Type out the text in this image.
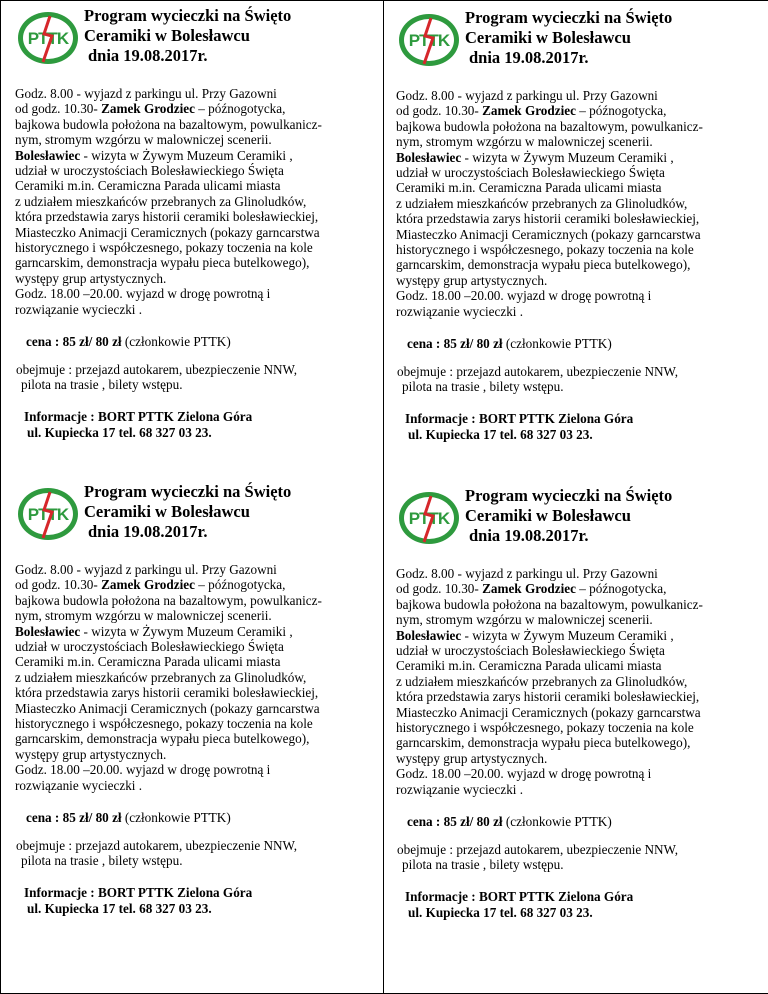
PTTK
Program wycieczki na Święto
Ceramiki w Bolesławcu
dnia 19.08.2017r.
Godz. 8.00 - wyjazd z parkingu ul. Przy Gazowni
od godz. 10.30- Zamek Grodziec – późnogotycka,
bajkowa budowla położona na bazaltowym, powulkanicz-
nym, stromym wzgórzu w malowniczej scenerii.
Bolesławiec - wizyta w Żywym Muzeum Ceramiki ,
udział w uroczystościach Bolesławieckiego Święta
Ceramiki m.in. Ceramiczna Parada ulicami miasta
z udziałem mieszkańców przebranych za Glinoludków,
która przedstawia zarys historii ceramiki bolesławieckiej,
Miasteczko Animacji Ceramicznych (pokazy garncarstwa
historycznego i współczesnego, pokazy toczenia na kole
garncarskim, demonstracja wypału pieca butelkowego),
występy grup artystycznych.
Godz. 18.00 –20.00. wyjazd w drogę powrotną i
rozwiązanie wycieczki .
cena : 85 zł/ 80 zł (członkowie PTTK)
obejmuje : przejazd autokarem, ubezpieczenie NNW,
pilota na trasie , bilety wstępu.
Informacje : BORT PTTK Zielona Góra
ul. Kupiecka 17 tel. 68 327 03 23.
PTTK
Program wycieczki na Święto
Ceramiki w Bolesławcu
dnia 19.08.2017r.
Godz. 8.00 - wyjazd z parkingu ul. Przy Gazowni
od godz. 10.30- Zamek Grodziec – późnogotycka,
bajkowa budowla położona na bazaltowym, powulkanicz-
nym, stromym wzgórzu w malowniczej scenerii.
Bolesławiec - wizyta w Żywym Muzeum Ceramiki ,
udział w uroczystościach Bolesławieckiego Święta
Ceramiki m.in. Ceramiczna Parada ulicami miasta
z udziałem mieszkańców przebranych za Glinoludków,
która przedstawia zarys historii ceramiki bolesławieckiej,
Miasteczko Animacji Ceramicznych (pokazy garncarstwa
historycznego i współczesnego, pokazy toczenia na kole
garncarskim, demonstracja wypału pieca butelkowego),
występy grup artystycznych.
Godz. 18.00 –20.00. wyjazd w drogę powrotną i
rozwiązanie wycieczki .
cena : 85 zł/ 80 zł (członkowie PTTK)
obejmuje : przejazd autokarem, ubezpieczenie NNW,
pilota na trasie , bilety wstępu.
Informacje : BORT PTTK Zielona Góra
ul. Kupiecka 17 tel. 68 327 03 23.
PTTK
Program wycieczki na Święto
Ceramiki w Bolesławcu
dnia 19.08.2017r.
Godz. 8.00 - wyjazd z parkingu ul. Przy Gazowni
od godz. 10.30- Zamek Grodziec – późnogotycka,
bajkowa budowla położona na bazaltowym, powulkanicz-
nym, stromym wzgórzu w malowniczej scenerii.
Bolesławiec - wizyta w Żywym Muzeum Ceramiki ,
udział w uroczystościach Bolesławieckiego Święta
Ceramiki m.in. Ceramiczna Parada ulicami miasta
z udziałem mieszkańców przebranych za Glinoludków,
która przedstawia zarys historii ceramiki bolesławieckiej,
Miasteczko Animacji Ceramicznych (pokazy garncarstwa
historycznego i współczesnego, pokazy toczenia na kole
garncarskim, demonstracja wypału pieca butelkowego),
występy grup artystycznych.
Godz. 18.00 –20.00. wyjazd w drogę powrotną i
rozwiązanie wycieczki .
cena : 85 zł/ 80 zł (członkowie PTTK)
obejmuje : przejazd autokarem, ubezpieczenie NNW,
pilota na trasie , bilety wstępu.
Informacje : BORT PTTK Zielona Góra
ul. Kupiecka 17 tel. 68 327 03 23.
PTTK
Program wycieczki na Święto
Ceramiki w Bolesławcu
dnia 19.08.2017r.
Godz. 8.00 - wyjazd z parkingu ul. Przy Gazowni
od godz. 10.30- Zamek Grodziec – późnogotycka,
bajkowa budowla położona na bazaltowym, powulkanicz-
nym, stromym wzgórzu w malowniczej scenerii.
Bolesławiec - wizyta w Żywym Muzeum Ceramiki ,
udział w uroczystościach Bolesławieckiego Święta
Ceramiki m.in. Ceramiczna Parada ulicami miasta
z udziałem mieszkańców przebranych za Glinoludków,
która przedstawia zarys historii ceramiki bolesławieckiej,
Miasteczko Animacji Ceramicznych (pokazy garncarstwa
historycznego i współczesnego, pokazy toczenia na kole
garncarskim, demonstracja wypału pieca butelkowego),
występy grup artystycznych.
Godz. 18.00 –20.00. wyjazd w drogę powrotną i
rozwiązanie wycieczki .
cena : 85 zł/ 80 zł (członkowie PTTK)
obejmuje : przejazd autokarem, ubezpieczenie NNW,
pilota na trasie , bilety wstępu.
Informacje : BORT PTTK Zielona Góra
ul. Kupiecka 17 tel. 68 327 03 23.
